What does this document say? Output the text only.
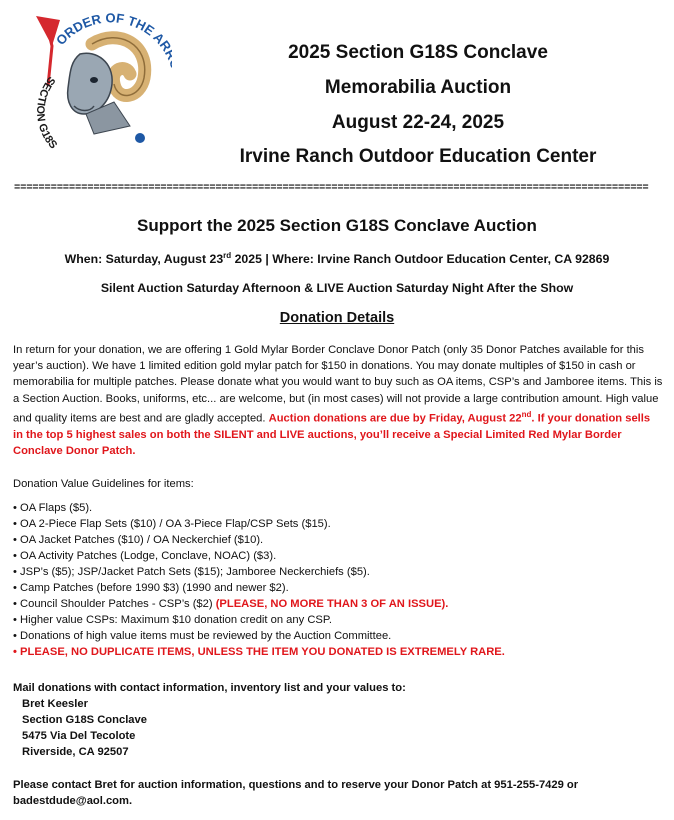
ORDER OF THE A
SECTION G18S
2025 Section G18S Conclave
Memorabilia Auction
August 22-24, 2025
Irvine Ranch Outdoor Education Center
========================================================================================================
Support the 2025 Section G18S Conclave Auction
When: Saturday, August 23rd 2025 | Where: Irvine Ranch Outdoor Education Center, CA 92869
Silent Auction Saturday Afternoon & LIVE Auction Saturday Night After the Show
Donation Details
In return for your donation, we are offering 1 Gold Mylar Border Conclave Donor Patch (only 35 Donor Patches available for this year’s auction). We have 1 limited edition gold mylar patch for $150 in donations. You may donate multiples of $150 in cash or memorabilia for multiple patches. Please donate what you would want to buy such as OA items, CSP’s and Jamboree items. This is a Section Auction. Books, uniforms, etc... are welcome, but (in most cases) will not provide a large contribution amount. High value and quality items are best and are gladly accepted. Auction donations are due by Friday, August 22nd. If your donation sells in the top 5 highest sales on both the SILENT and LIVE auctions, you’ll receive a Special Limited Red Mylar Border Conclave Donor Patch.
Donation Value Guidelines for items:
• OA Flaps ($5).
• OA 2-Piece Flap Sets ($10) / OA 3-Piece Flap/CSP Sets ($15).
• OA Jacket Patches ($10) / OA Neckerchief ($10).
• OA Activity Patches (Lodge, Conclave, NOAC) ($3).
• JSP’s ($5); JSP/Jacket Patch Sets ($15); Jamboree Neckerchiefs ($5).
• Camp Patches (before 1990 $3) (1990 and newer $2).
• Council Shoulder Patches - CSP’s ($2) (PLEASE, NO MORE THAN 3 OF AN ISSUE).
• Higher value CSPs: Maximum $10 donation credit on any CSP.
• Donations of high value items must be reviewed by the Auction Committee.
• PLEASE, NO DUPLICATE ITEMS, UNLESS THE ITEM YOU DONATED IS EXTREMELY RARE.
Mail donations with contact information, inventory list and your values to:
Bret Keesler
Section G18S Conclave
5475 Via Del Tecolote
Riverside, CA 92507
Please contact Bret for auction information, questions and to reserve your Donor Patch at 951-255-7429 or badestdude@aol.com.
